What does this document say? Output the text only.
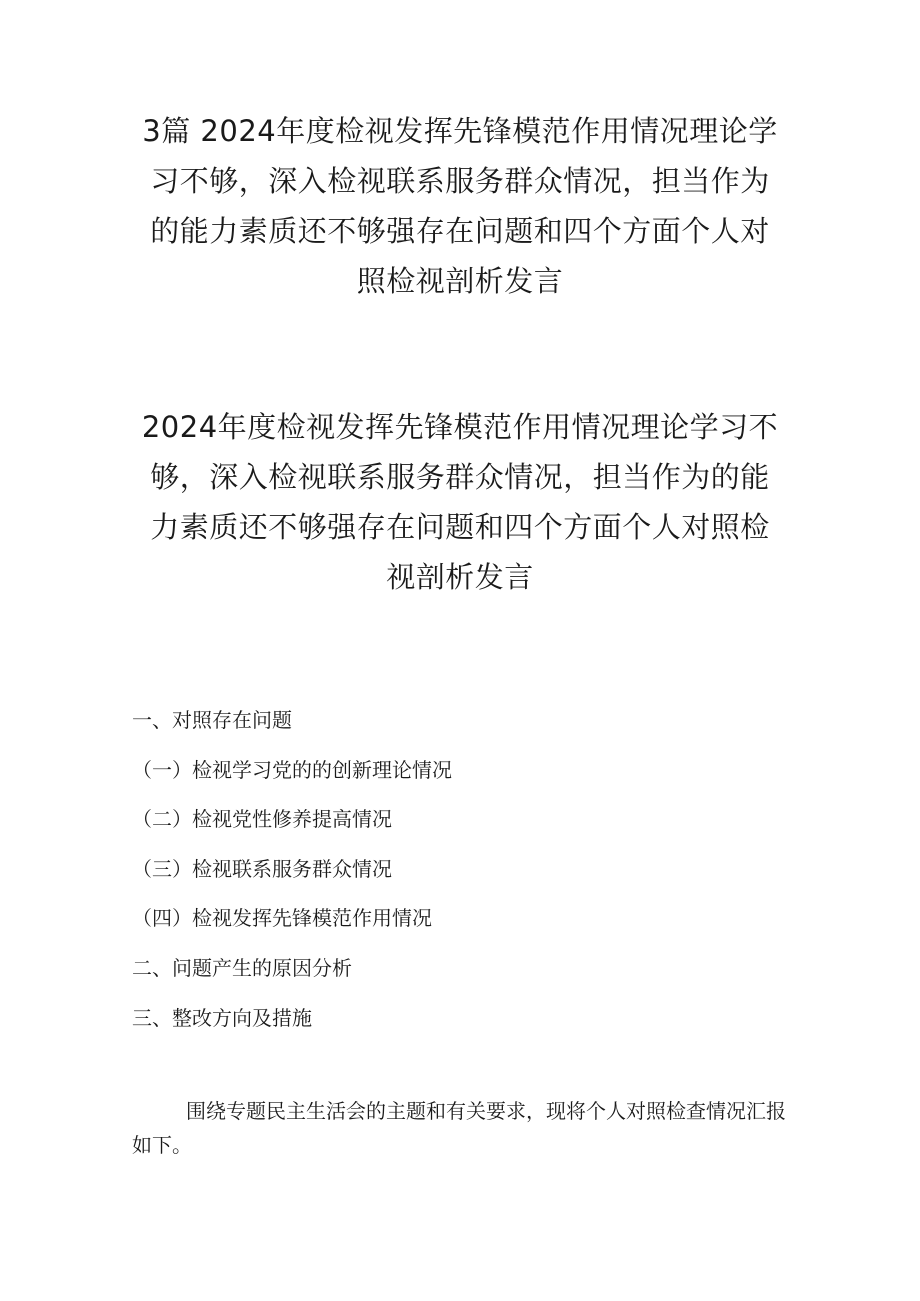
3篇 2024年度检视发挥先锋模范作用情况理论学习不够，深入检视联系服务群众情况，担当作为的能力素质还不够强存在问题和四个方面个人对照检视剖析发言
2024年度检视发挥先锋模范作用情况理论学习不够，深入检视联系服务群众情况，担当作为的能力素质还不够强存在问题和四个方面个人对照检视剖析发言
一、对照存在问题
（一）检视学习党的的创新理论情况
（二）检视党性修养提高情况
（三）检视联系服务群众情况
（四）检视发挥先锋模范作用情况
二、问题产生的原因分析
三、整改方向及措施

围绕专题民主生活会的主题和有关要求，现将个人对照检查情况汇报如下。
